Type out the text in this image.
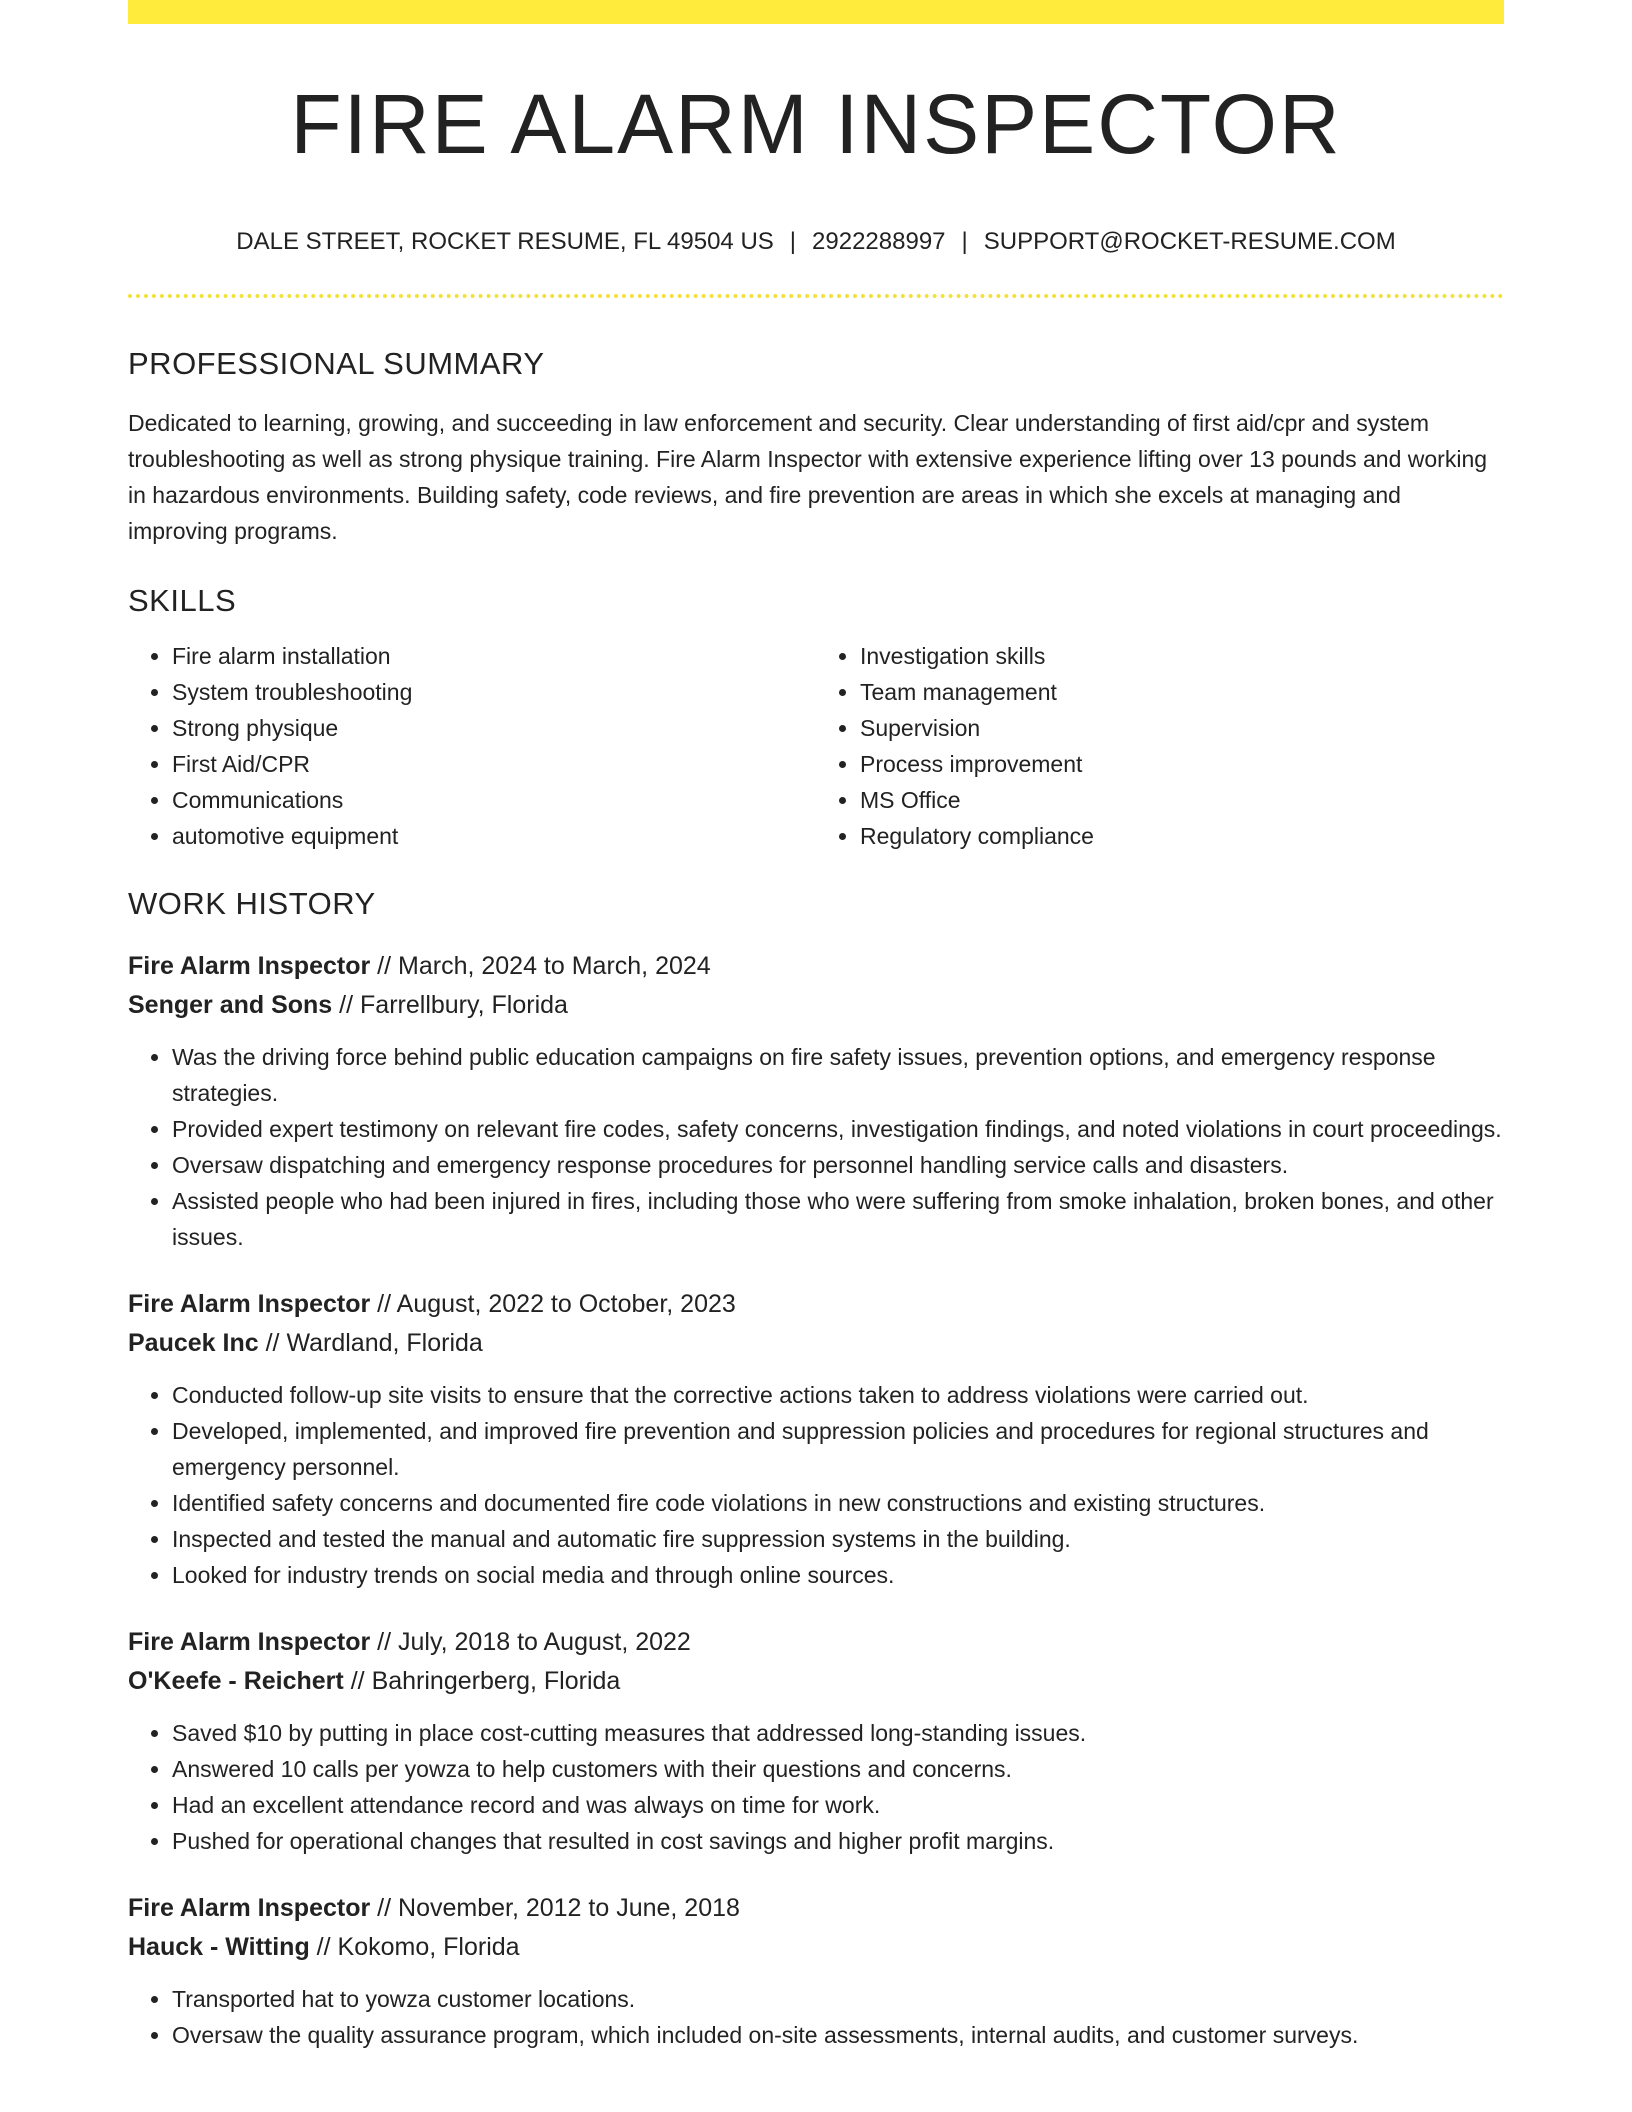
FIRE ALARM INSPECTOR
DALE STREET, ROCKET RESUME, FL 49504 US | 2922288997 | SUPPORT@ROCKET-RESUME.COM
PROFESSIONAL SUMMARY

Dedicated to learning, growing, and succeeding in law enforcement and security. Clear understanding of first aid/cpr and system troubleshooting as well as strong physique training. Fire Alarm Inspector with extensive experience lifting over 13 pounds and working in hazardous environments. Building safety, code reviews, and fire prevention are areas in which she excels at managing and improving programs.

SKILLS
• Fire alarm installation
• System troubleshooting
• Strong physique
• First Aid/CPR
• Communications
• automotive equipment
• Investigation skills
• Team management
• Supervision
• Process improvement
• MS Office
• Regulatory compliance
WORK HISTORY
Fire Alarm Inspector // March, 2024 to March, 2024
Senger and Sons // Farrellbury, Florida
• Was the driving force behind public education campaigns on fire safety issues, prevention options, and emergency response strategies.
• Provided expert testimony on relevant fire codes, safety concerns, investigation findings, and noted violations in court proceedings.
• Oversaw dispatching and emergency response procedures for personnel handling service calls and disasters.
• Assisted people who had been injured in fires, including those who were suffering from smoke inhalation, broken bones, and other issues.
Fire Alarm Inspector // August, 2022 to October, 2023
Paucek Inc // Wardland, Florida
• Conducted follow-up site visits to ensure that the corrective actions taken to address violations were carried out.
• Developed, implemented, and improved fire prevention and suppression policies and procedures for regional structures and emergency personnel.
• Identified safety concerns and documented fire code violations in new constructions and existing structures.
• Inspected and tested the manual and automatic fire suppression systems in the building.
• Looked for industry trends on social media and through online sources.
Fire Alarm Inspector // July, 2018 to August, 2022
O'Keefe - Reichert // Bahringerberg, Florida
• Saved $10 by putting in place cost-cutting measures that addressed long-standing issues.
• Answered 10 calls per yowza to help customers with their questions and concerns.
• Had an excellent attendance record and was always on time for work.
• Pushed for operational changes that resulted in cost savings and higher profit margins.
Fire Alarm Inspector // November, 2012 to June, 2018
Hauck - Witting // Kokomo, Florida
• Transported hat to yowza customer locations.
• Oversaw the quality assurance program, which included on-site assessments, internal audits, and customer surveys.
